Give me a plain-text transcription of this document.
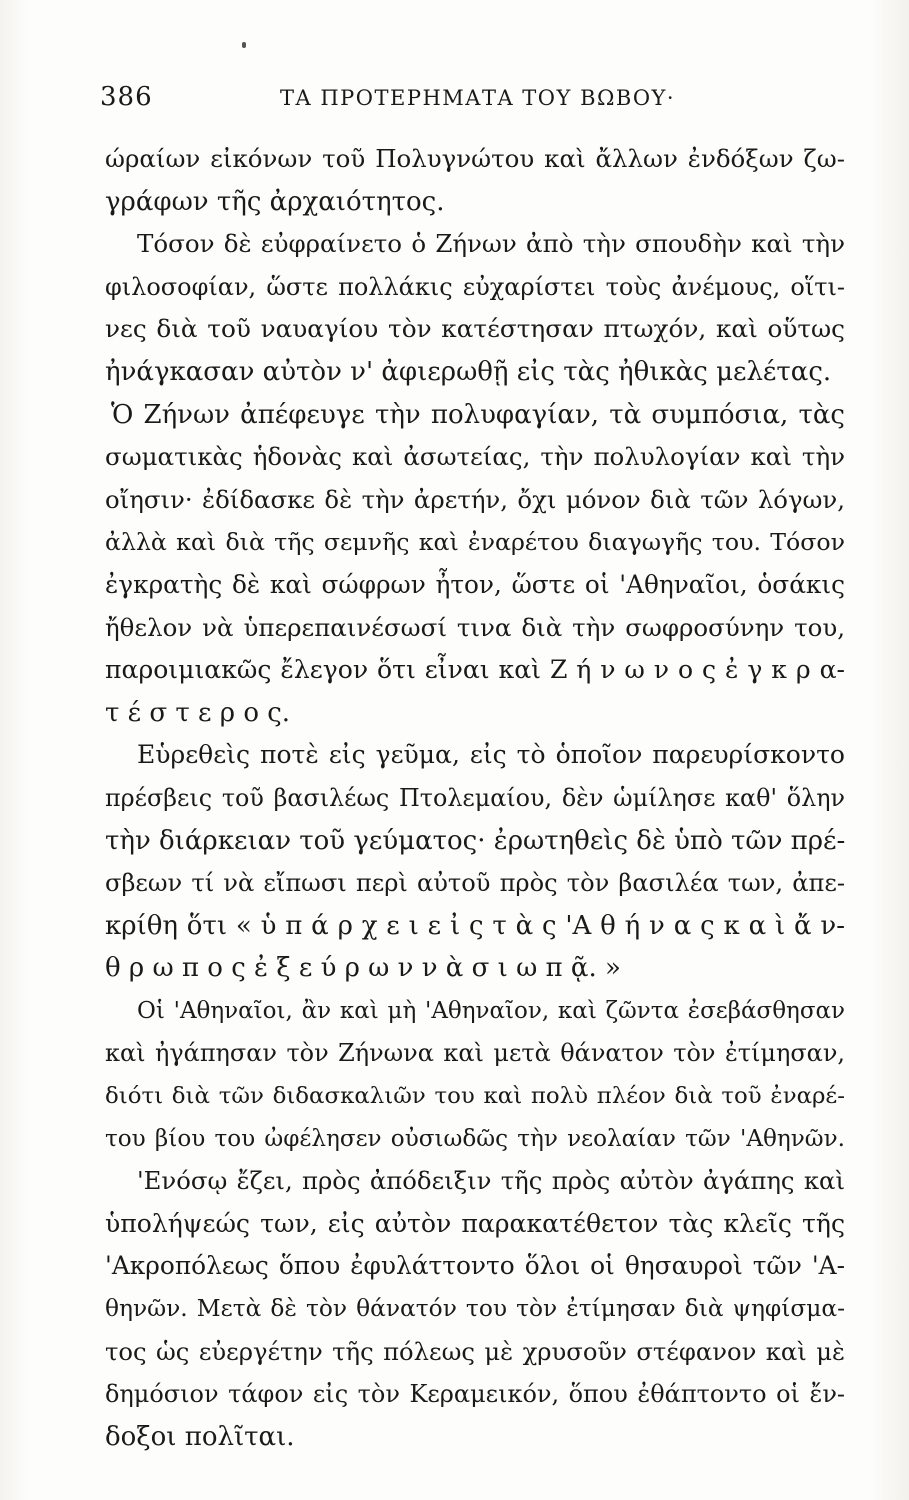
386	ΤΑ ΠΡΟΤΕΡΗΜΑΤΑ ΤΟΥ ΒΩΒΟΥ·
ώραίων εἰκόνων τοῦ Πολυγνώτου καὶ ἄλλων ἐνδόξων ζω-
γράφων τῆς ἀρχαιότητος.
Τόσον δὲ εὐφραίνετο ὁ Ζήνων ἀπὸ τὴν σπουδὴν καὶ τὴν
φιλοσοφίαν, ὥστε πολλάκις εὐχαρίστει τοὺς ἀνέμους, οἵτι-
νες διὰ τοῦ ναυαγίου τὸν κατέστησαν πτωχόν, καὶ οὕτως
ἠνάγκασαν αὐτὸν ν' ἀφιερωθῇ εἰς τὰς ἠθικὰς μελέτας.
Ὁ Ζήνων ἀπέφευγε τὴν πολυφαγίαν, τὰ συμπόσια, τὰς
σωματικὰς ἡδονὰς καὶ ἀσωτείας, τὴν πολυλογίαν καὶ τὴν
οἴησιν· ἐδίδασκε δὲ τὴν ἀρετήν, ὄχι μόνον διὰ τῶν λόγων,
ἀλλὰ καὶ διὰ τῆς σεμνῆς καὶ ἐναρέτου διαγωγῆς του. Τόσον
ἐγκρατὴς δὲ καὶ σώφρων ἦτον, ὥστε οἱ 'Αθηναῖοι, ὁσάκις
ἤθελον νὰ ὑπερεπαινέσωσί τινα διὰ τὴν σωφροσύνην του,
παροιμιακῶς ἔλεγον ὅτι εἶναι καὶ Ζ ή ν ω ν ο ς ἐ γ κ ρ α-
τ έ σ τ ε ρ ο ς.
Εὑρεθεὶς ποτὲ εἰς γεῦμα, εἰς τὸ ὁποῖον παρευρίσκοντο
πρέσβεις τοῦ βασιλέως Πτολεμαίου, δὲν ὡμίλησε καθ' ὅλην
τὴν διάρκειαν τοῦ γεύματος· ἐρωτηθεὶς δὲ ὑπὸ τῶν πρέ-
σβεων τί νὰ εἴπωσι περὶ αὐτοῦ πρὸς τὸν βασιλέα των, ἀπε-
κρίθη ὅτι « ὑ π ά ρ χ ε ι ε ἰ ς τ ὰ ς 'Α θ ή ν α ς κ α ὶ ἄ ν-
θ ρ ω π ο ς ἐ ξ ε ύ ρ ω ν ν ὰ σ ι ω π ᾷ. »
Οἱ 'Αθηναῖοι, ἂν καὶ μὴ 'Αθηναῖον, καὶ ζῶντα ἐσεβάσθησαν
καὶ ἠγάπησαν τὸν Ζήνωνα καὶ μετὰ θάνατον τὸν ἐτίμησαν,
διότι διὰ τῶν διδασκαλιῶν του καὶ πολὺ πλέον διὰ τοῦ ἐναρέ-
του βίου του ὠφέλησεν οὐσιωδῶς τὴν νεολαίαν τῶν 'Αθηνῶν.
'Ενόσῳ ἔζει, πρὸς ἀπόδειξιν τῆς πρὸς αὐτὸν ἀγάπης καὶ
ὑπολήψεώς των, εἰς αὐτὸν παρακατέθετον τὰς κλεῖς τῆς
'Ακροπόλεως ὅπου ἐφυλάττοντο ὅλοι οἱ θησαυροὶ τῶν 'Α-
θηνῶν. Μετὰ δὲ τὸν θάνατόν του τὸν ἐτίμησαν διὰ ψηφίσμα-
τος ὡς εὐεργέτην τῆς πόλεως μὲ χρυσοῦν στέφανον καὶ μὲ
δημόσιον τάφον εἰς τὸν Κεραμεικόν, ὅπου ἐθάπτοντο οἱ ἔν-
δοξοι πολῖται.
